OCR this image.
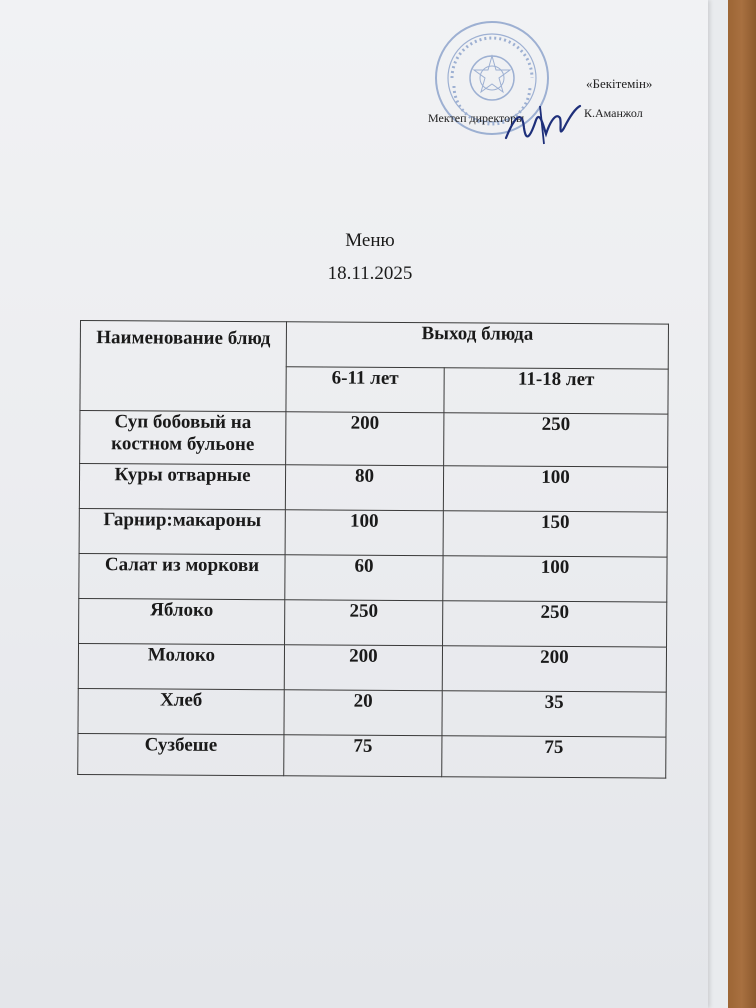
«Бекітемін»
Мектеп директоры	К.Аманжол
Меню
18.11.2025
Наименование блюд	Выход блюда	
	6-11 лет	11-18 лет
Суп бобовый на костном бульоне	200	250
Куры отварные	80	100
Гарнир:макароны	100	150
Салат из моркови	60	100
Яблоко	250	250
Молоко	200	200
Хлеб	20	35
Сузбеше	75	75
